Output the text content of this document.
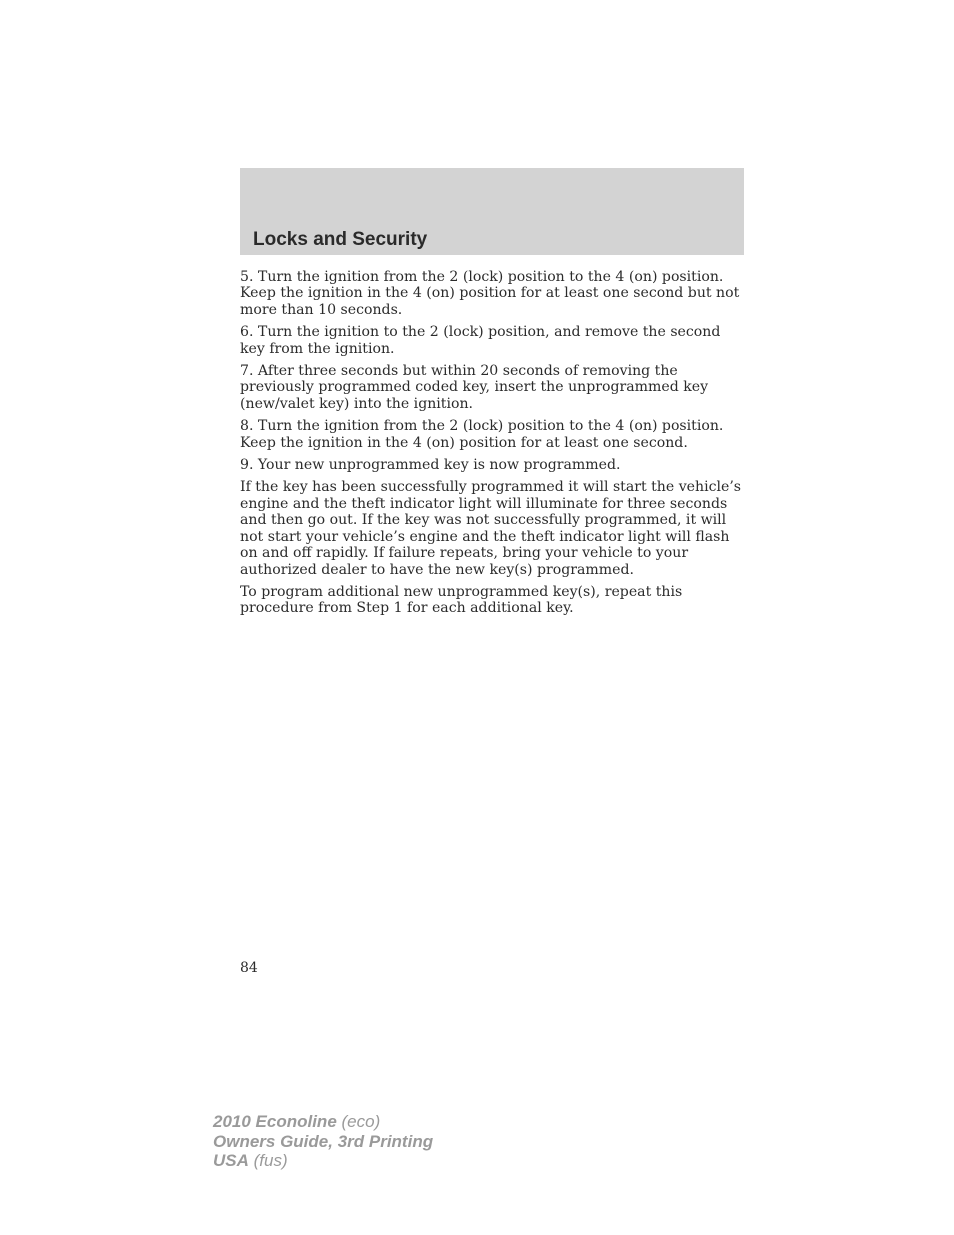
Locks and Security

5. Turn the ignition from the 2 (lock) position to the 4 (on) position. Keep the ignition in the 4 (on) position for at least one second but not more than 10 seconds.

6. Turn the ignition to the 2 (lock) position, and remove the second key from the ignition.

7. After three seconds but within 20 seconds of removing the previously programmed coded key, insert the unprogrammed key (new/valet key) into the ignition.

8. Turn the ignition from the 2 (lock) position to the 4 (on) position. Keep the ignition in the 4 (on) position for at least one second.

9. Your new unprogrammed key is now programmed.

If the key has been successfully programmed it will start the vehicle’s engine and the theft indicator light will illuminate for three seconds and then go out. If the key was not successfully programmed, it will not start your vehicle’s engine and the theft indicator light will flash on and off rapidly. If failure repeats, bring your vehicle to your authorized dealer to have the new key(s) programmed.

To program additional new unprogrammed key(s), repeat this procedure from Step 1 for each additional key.

84
2010 Econoline (eco)
Owners Guide, 3rd Printing
USA (fus)
